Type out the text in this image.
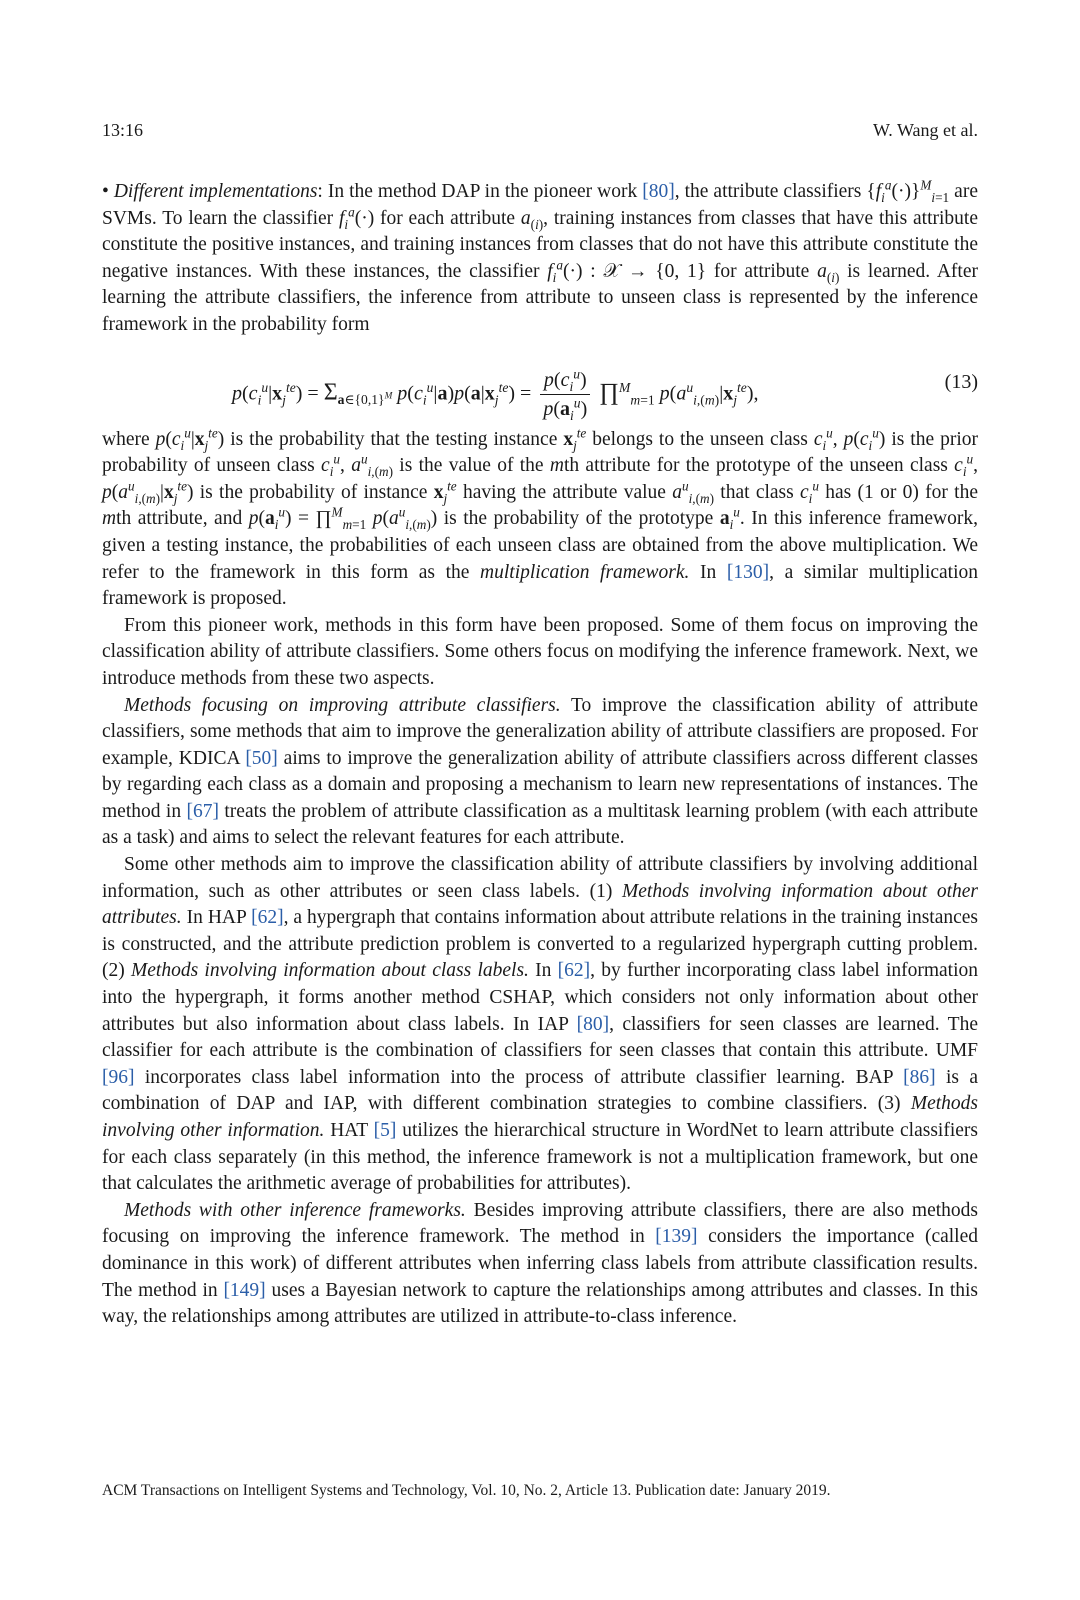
13:16	W. Wang et al.

• Different implementations: In the method DAP in the pioneer work [80], the attribute classifiers $\{f_i^a(\cdot)\}^M_{i=1}$ are SVMs. To learn the classifier $f_i^a(\cdot)$ for each attribute $a_{(i)}$, training instances from classes that have this attribute constitute the positive instances, and training instances from classes that do not have this attribute constitute the negative instances. With these instances, the classifier $f_i^a(\cdot)$ : 𝒳 → {0, 1} for attribute $a_{(i)}$ is learned. After learning the attribute classifiers, the inference from attribute to unseen class is represented by the inference framework in the probability form

$p(c_i^u|x_j^{te}) = \Sigma_{a\in\{0,1\}^M}$ $p(c_i^u|a)p(a|x_j^{te}) = \frac{p(c_i^u)}{p(a_i^u)}$ ∏$^M_{m=1}$ $p(a^u_{i,(m)}|x_j^{te})$,
(13)

where $p(c_i^u|x_j^{te})$ is the probability that the testing instance $x_j^{te}$ belongs to the unseen class $c_i^u$, $p(c_i^u)$ is the prior probability of unseen class $c_i^u$, $a^u_{i,(m)}$ is the value of the mth attribute for the prototype of the unseen class $c_i^u$, $p(a^u_{i,(m)}|x_j^{te})$ is the probability of instance $x_j^{te}$ having the attribute value $a^u_{i,(m)}$ that class $c_i^u$ has (1 or 0) for the mth attribute, and $p(a_i^u)$ = ∏$^M_{m=1}$ $p(a^u_{i,(m)})$ is the probability of the prototype $a_i^u$. In this inference framework, given a testing instance, the probabilities of each unseen class are obtained from the above multiplication. We refer to the framework in this form as the multiplication framework. In [130], a similar multiplication framework is proposed.

From this pioneer work, methods in this form have been proposed. Some of them focus on improving the classification ability of attribute classifiers. Some others focus on modifying the inference framework. Next, we introduce methods from these two aspects.

Methods focusing on improving attribute classifiers. To improve the classification ability of attribute classifiers, some methods that aim to improve the generalization ability of attribute classifiers are proposed. For example, KDICA [50] aims to improve the generalization ability of attribute classifiers across different classes by regarding each class as a domain and proposing a mechanism to learn new representations of instances. The method in [67] treats the problem of attribute classification as a multitask learning problem (with each attribute as a task) and aims to select the relevant features for each attribute.

Some other methods aim to improve the classification ability of attribute classifiers by involving additional information, such as other attributes or seen class labels. (1) Methods involving information about other attributes. In HAP [62], a hypergraph that contains information about attribute relations in the training instances is constructed, and the attribute prediction problem is converted to a regularized hypergraph cutting problem. (2) Methods involving information about class labels. In [62], by further incorporating class label information into the hypergraph, it forms another method CSHAP, which considers not only information about other attributes but also information about class labels. In IAP [80], classifiers for seen classes are learned. The classifier for each attribute is the combination of classifiers for seen classes that contain this attribute. UMF [96] incorporates class label information into the process of attribute classifier learning. BAP [86] is a combination of DAP and IAP, with different combination strategies to combine classifiers. (3) Methods involving other information. HAT [5] utilizes the hierarchical structure in WordNet to learn attribute classifiers for each class separately (in this method, the inference framework is not a multiplication framework, but one that calculates the arithmetic average of probabilities for attributes).

Methods with other inference frameworks. Besides improving attribute classifiers, there are also methods focusing on improving the inference framework. The method in [139] considers the importance (called dominance in this work) of different attributes when inferring class labels from attribute classification results. The method in [149] uses a Bayesian network to capture the relationships among attributes and classes. In this way, the relationships among attributes are utilized in attribute-to-class inference.

ACM Transactions on Intelligent Systems and Technology, Vol. 10, No. 2, Article 13. Publication date: January 2019.
